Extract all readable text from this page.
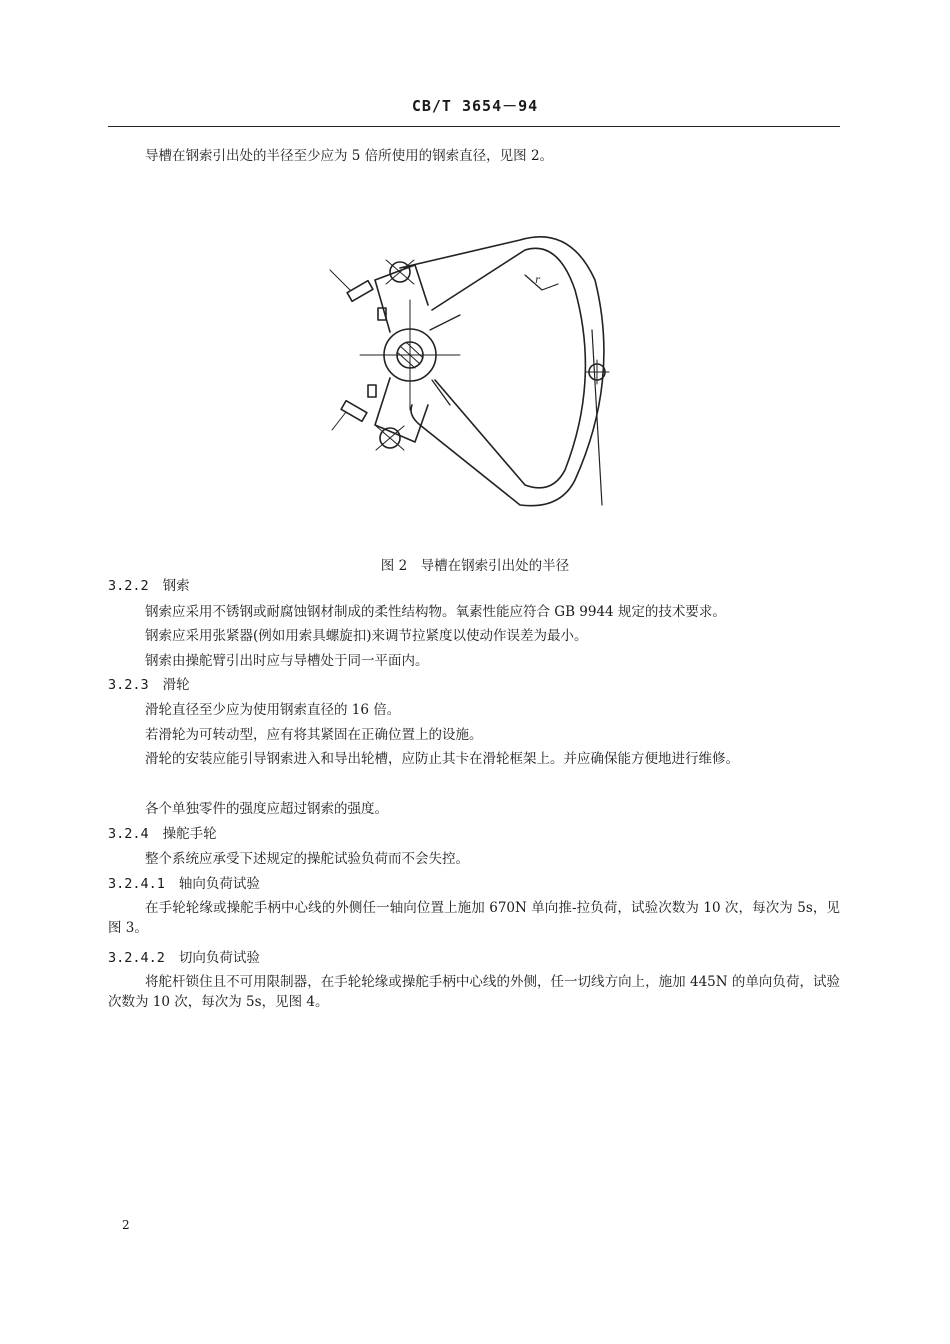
CB/T 3654－94
导槽在钢索引出处的半径至少应为 5 倍所使用的钢索直径，见图 2。
r
图 2　导槽在钢索引出处的半径
3.2.2 钢索
钢索应采用不锈钢或耐腐蚀钢材制成的柔性结构物。氧素性能应符合 GB 9944 规定的技术要求。
钢索应采用张紧器(例如用索具螺旋扣)来调节拉紧度以使动作误差为最小。
钢索由操舵臂引出时应与导槽处于同一平面内。
3.2.3 滑轮
滑轮直径至少应为使用钢索直径的 16 倍。
若滑轮为可转动型，应有将其紧固在正确位置上的设施。
滑轮的安装应能引导钢索进入和导出轮槽，应防止其卡在滑轮框架上。并应确保能方便地进行维修。
各个单独零件的强度应超过钢索的强度。
3.2.4 操舵手轮
整个系统应承受下述规定的操舵试验负荷而不会失控。
3.2.4.1 轴向负荷试验
在手轮轮缘或操舵手柄中心线的外侧任一轴向位置上施加 670N 单向推-拉负荷，试验次数为 10 次，每次为 5s，见图 3。
3.2.4.2 切向负荷试验
将舵杆锁住且不可用限制器，在手轮轮缘或操舵手柄中心线的外侧，任一切线方向上，施加 445N 的单向负荷，试验次数为 10 次，每次为 5s，见图 4。
2
